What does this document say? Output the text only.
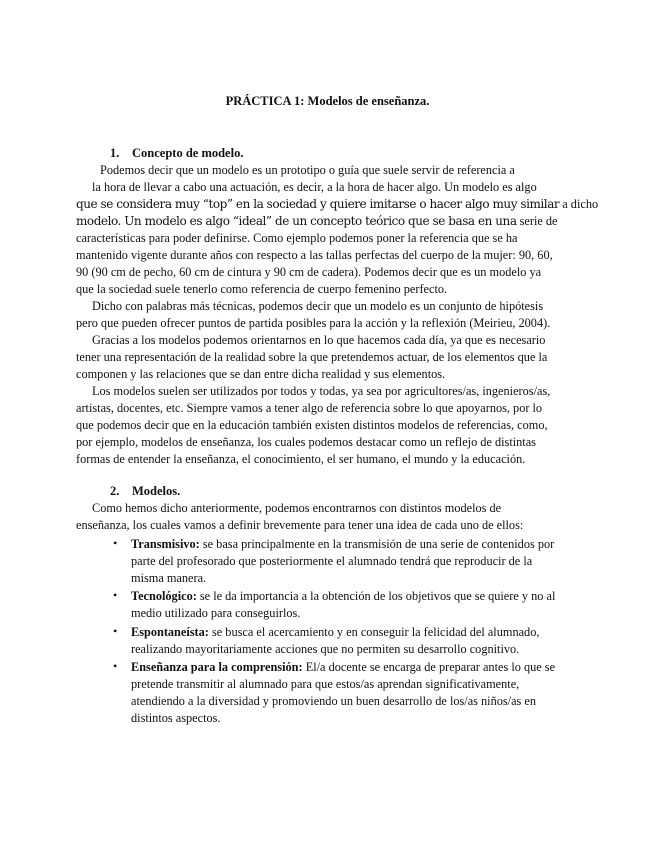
PRÁCTICA 1: Modelos de enseñanza.

1. Concepto de modelo.

Podemos decir que un modelo es un prototipo o guía que suele servir de referencia a

la hora de llevar a cabo una actuación, es decir, a la hora de hacer algo. Un modelo es algo

que se considera muy “top” en la sociedad y quiere imitarse o hacer algo muy similar a dicho

modelo. Un modelo es algo “ideal” de un concepto teórico que se basa en una serie de

características para poder definirse. Como ejemplo podemos poner la referencia que se ha

mantenido vigente durante años con respecto a las tallas perfectas del cuerpo de la mujer: 90, 60,

90 (90 cm de pecho, 60 cm de cintura y 90 cm de cadera). Podemos decir que es un modelo ya

que la sociedad suele tenerlo como referencia de cuerpo femenino perfecto.

Dicho con palabras más técnicas, podemos decir que un modelo es un conjunto de hipótesis

pero que pueden ofrecer puntos de partida posibles para la acción y la reflexión (Meirieu, 2004).

Gracias a los modelos podemos orientarnos en lo que hacemos cada día, ya que es necesario

tener una representación de la realidad sobre la que pretendemos actuar, de los elementos que la

componen y las relaciones que se dan entre dicha realidad y sus elementos.

Los modelos suelen ser utilizados por todos y todas, ya sea por agricultores/as, ingenieros/as,

artistas, docentes, etc. Siempre vamos a tener algo de referencia sobre lo que apoyarnos, por lo

que podemos decir que en la educación también existen distintos modelos de referencias, como,

por ejemplo, modelos de enseñanza, los cuales podemos destacar como un reflejo de distintas

formas de entender la enseñanza, el conocimiento, el ser humano, el mundo y la educación.

2. Modelos.

Como hemos dicho anteriormente, podemos encontrarnos con distintos modelos de

enseñanza, los cuales vamos a definir brevemente para tener una idea de cada uno de ellos:

• Transmisivo: se basa principalmente en la transmisión de una serie de contenidos por

parte del profesorado que posteriormente el alumnado tendrá que reproducir de la

misma manera.

• Tecnológico: se le da importancia a la obtención de los objetivos que se quiere y no al

medio utilizado para conseguirlos.

• Espontaneísta: se busca el acercamiento y en conseguir la felicidad del alumnado,

realizando mayoritariamente acciones que no permiten su desarrollo cognitivo.

• Enseñanza para la comprensión: El/a docente se encarga de preparar antes lo que se

pretende transmitir al alumnado para que estos/as aprendan significativamente,

atendiendo a la diversidad y promoviendo un buen desarrollo de los/as niños/as en

distintos aspectos.
